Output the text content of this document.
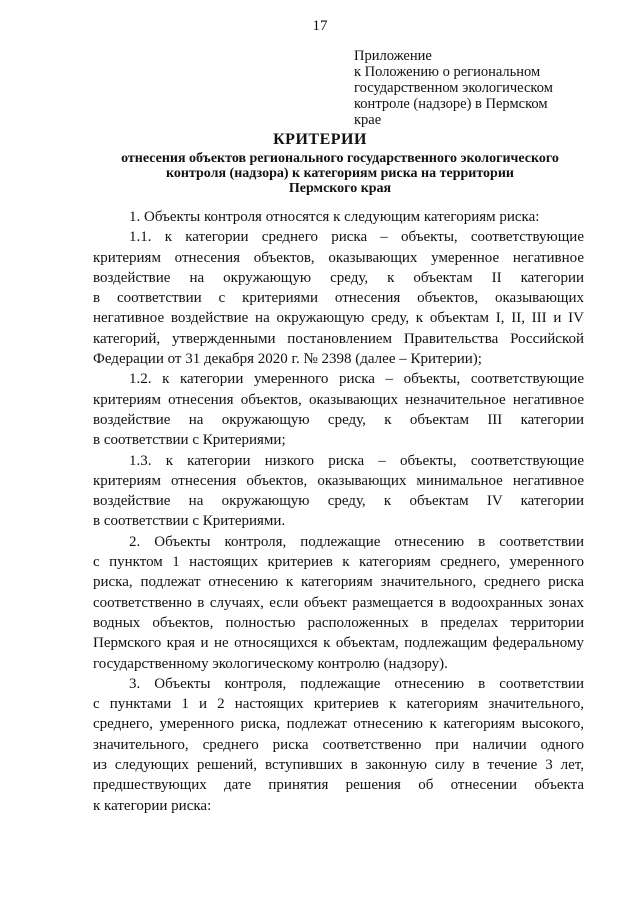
17
Приложение
к Положению о региональном
государственном экологическом
контроле (надзоре) в Пермском
крае
КРИТЕРИИ
отнесения объектов регионального государственного экологического
контроля (надзора) к категориям риска на территории
Пермского края
1. Объекты контроля относятся к следующим категориям риска:
1.1. к категории среднего риска – объекты, соответствующие
критериям отнесения объектов, оказывающих умеренное негативное
воздействие на окружающую среду, к объектам II категории
в соответствии с критериями отнесения объектов, оказывающих
негативное воздействие на окружающую среду, к объектам I, II, III и IV
категорий, утвержденными постановлением Правительства Российской
Федерации от 31 декабря 2020 г. № 2398 (далее – Критерии);
1.2. к категории умеренного риска – объекты, соответствующие
критериям отнесения объектов, оказывающих незначительное негативное
воздействие на окружающую среду, к объектам III категории
в соответствии с Критериями;
1.3. к категории низкого риска – объекты, соответствующие
критериям отнесения объектов, оказывающих минимальное негативное
воздействие на окружающую среду, к объектам IV категории
в соответствии с Критериями.
2. Объекты контроля, подлежащие отнесению в соответствии
с пунктом 1 настоящих критериев к категориям среднего, умеренного
риска, подлежат отнесению к категориям значительного, среднего риска
соответственно в случаях, если объект размещается в водоохранных зонах
водных объектов, полностью расположенных в пределах территории
Пермского края и не относящихся к объектам, подлежащим федеральному
государственному экологическому контролю (надзору).
3. Объекты контроля, подлежащие отнесению в соответствии
с пунктами 1 и 2 настоящих критериев к категориям значительного,
среднего, умеренного риска, подлежат отнесению к категориям высокого,
значительного, среднего риска соответственно при наличии одного
из следующих решений, вступивших в законную силу в течение 3 лет,
предшествующих дате принятия решения об отнесении объекта
к категории риска:
